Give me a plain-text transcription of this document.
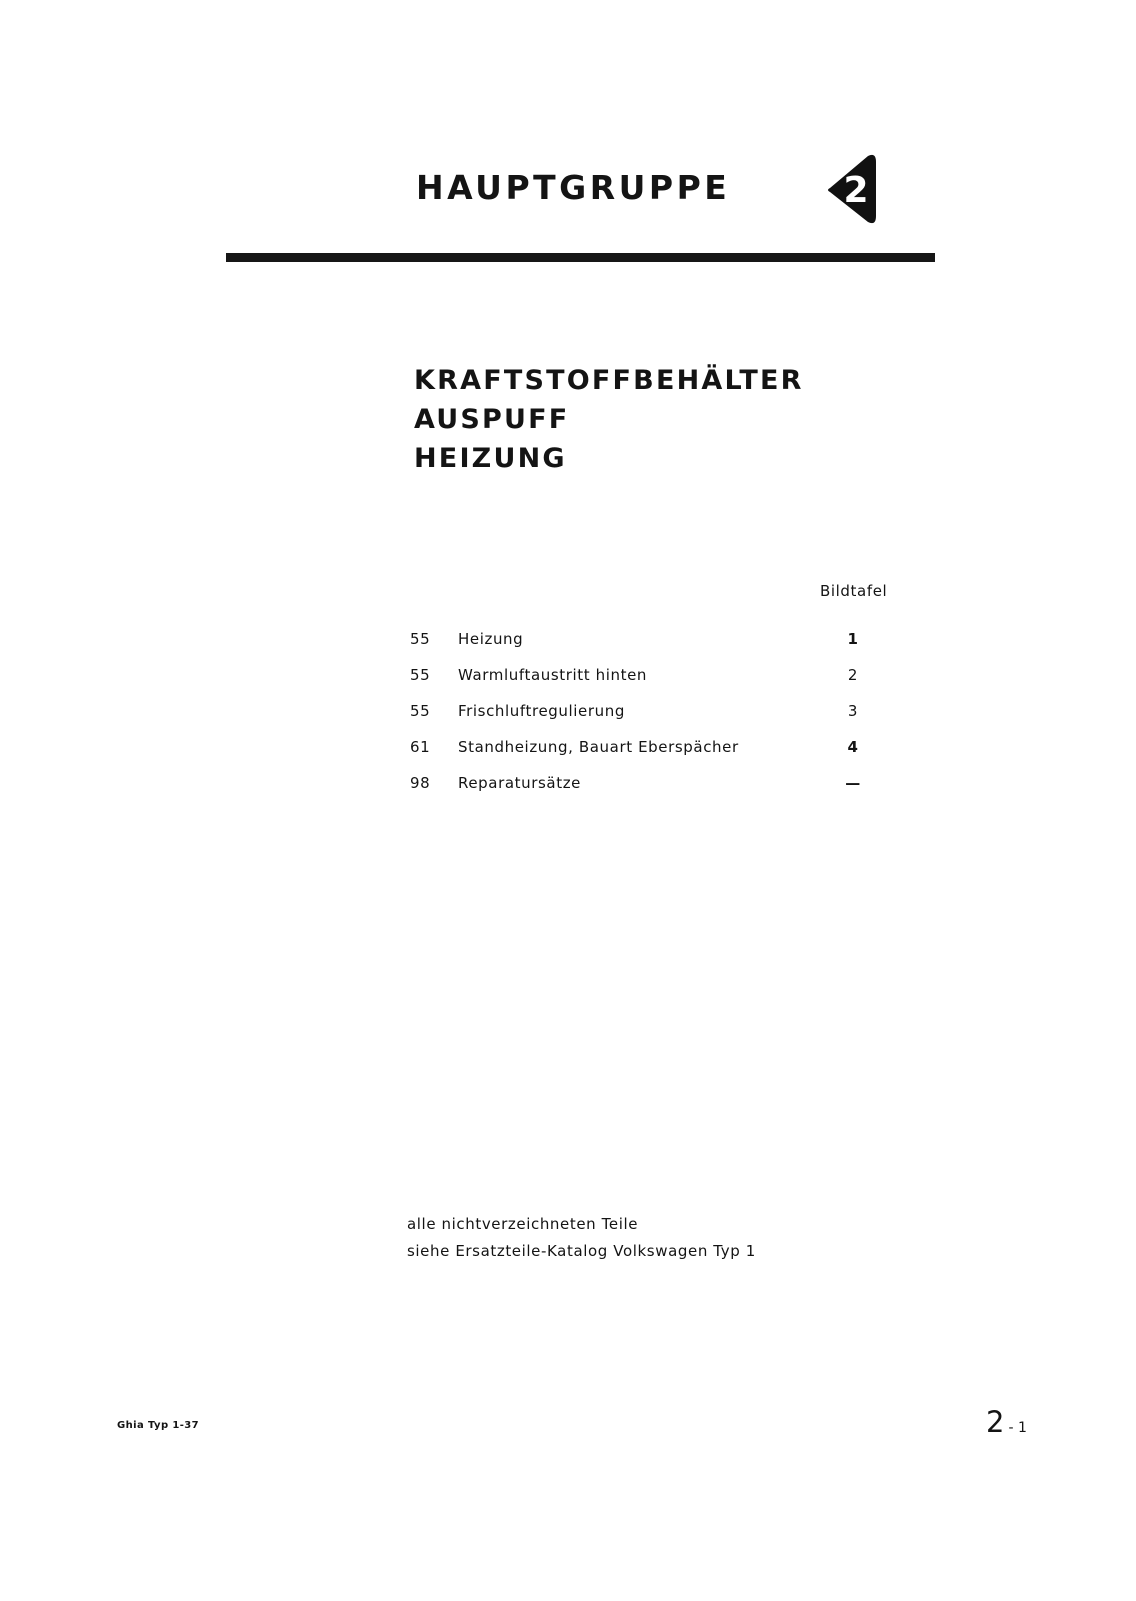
HAUPTGRUPPE	2
KRAFTSTOFFBEHÄLTER
AUSPUFF
HEIZUNG
Bildtafel
55 Heizung	1
55 Warmluftaustritt hinten	2
55 Frischluftregulierung	3
61 Standheizung, Bauart Eberspächer	4
98 Reparatursätze	—
alle nichtverzeichneten Teile
siehe Ersatzteile-Katalog Volkswagen Typ 1
Ghia Typ 1-37	2 - 1
